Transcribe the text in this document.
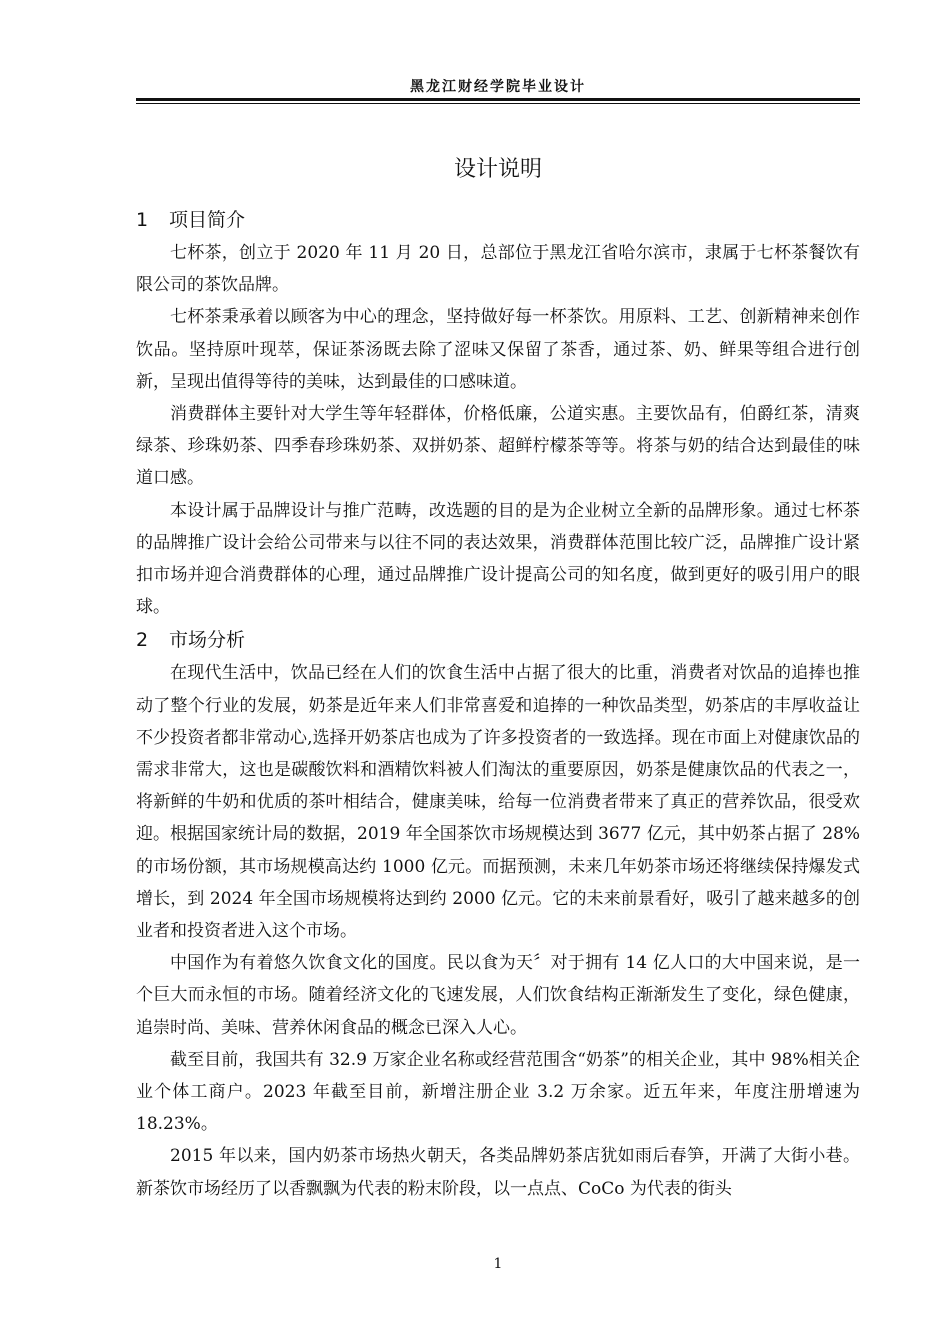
黑龙江财经学院毕业设计
设计说明
1 项目简介

七杯茶，创立于 2020 年 11 月 20 日，总部位于黑龙江省哈尔滨市，隶属于七杯茶餐饮有限公司的茶饮品牌。

七杯茶秉承着以顾客为中心的理念，坚持做好每一杯茶饮。用原料、工艺、创新精神来创作饮品。坚持原叶现萃，保证茶汤既去除了涩味又保留了茶香，通过茶、奶、鲜果等组合进行创新，呈现出值得等待的美味，达到最佳的口感味道。

消费群体主要针对大学生等年轻群体，价格低廉，公道实惠。主要饮品有，伯爵红茶，清爽绿茶、珍珠奶茶、四季春珍珠奶茶、双拼奶茶、超鲜柠檬茶等等。将茶与奶的结合达到最佳的味道口感。

本设计属于品牌设计与推广范畴，改选题的目的是为企业树立全新的品牌形象。通过七杯茶的品牌推广设计会给公司带来与以往不同的表达效果，消费群体范围比较广泛，品牌推广设计紧扣市场并迎合消费群体的心理，通过品牌推广设计提高公司的知名度，做到更好的吸引用户的眼球。

2 市场分析

在现代生活中，饮品已经在人们的饮食生活中占据了很大的比重，消费者对饮品的追捧也推动了整个行业的发展，奶茶是近年来人们非常喜爱和追捧的一种饮品类型，奶茶店的丰厚收益让不少投资者都非常动心,选择开奶茶店也成为了许多投资者的一致选择。现在市面上对健康饮品的需求非常大，这也是碳酸饮料和酒精饮料被人们淘汰的重要原因，奶茶是健康饮品的代表之一，将新鲜的牛奶和优质的茶叶相结合，健康美味，给每一位消费者带来了真正的营养饮品，很受欢迎。根据国家统计局的数据，2019 年全国茶饮市场规模达到 3677 亿元，其中奶茶占据了 28%的市场份额，其市场规模高达约 1000 亿元。而据预测，未来几年奶茶市场还将继续保持爆发式增长，到 2024 年全国市场规模将达到约 2000 亿元。它的未来前景看好，吸引了越来越多的创业者和投资者进入这个市场。

中国作为有着悠久饮食文化的国度。民以食为天〞对于拥有 14 亿人口的大中国来说，是一个巨大而永恒的市场。随着经济文化的飞速发展，人们饮食结构正渐渐发生了变化，绿色健康，追崇时尚、美味、营养休闲食品的概念已深入人心。

截至目前，我国共有 32.9 万家企业名称或经营范围含“奶茶”的相关企业，其中 98%相关企业个体工商户。2023 年截至目前，新增注册企业 3.2 万余家。近五年来，年度注册增速为 18.23%。

2015 年以来，国内奶茶市场热火朝天，各类品牌奶茶店犹如雨后春笋，开满了大街小巷。新茶饮市场经历了以香飘飘为代表的粉末阶段，以一点点、CoCo 为代表的街头

1
